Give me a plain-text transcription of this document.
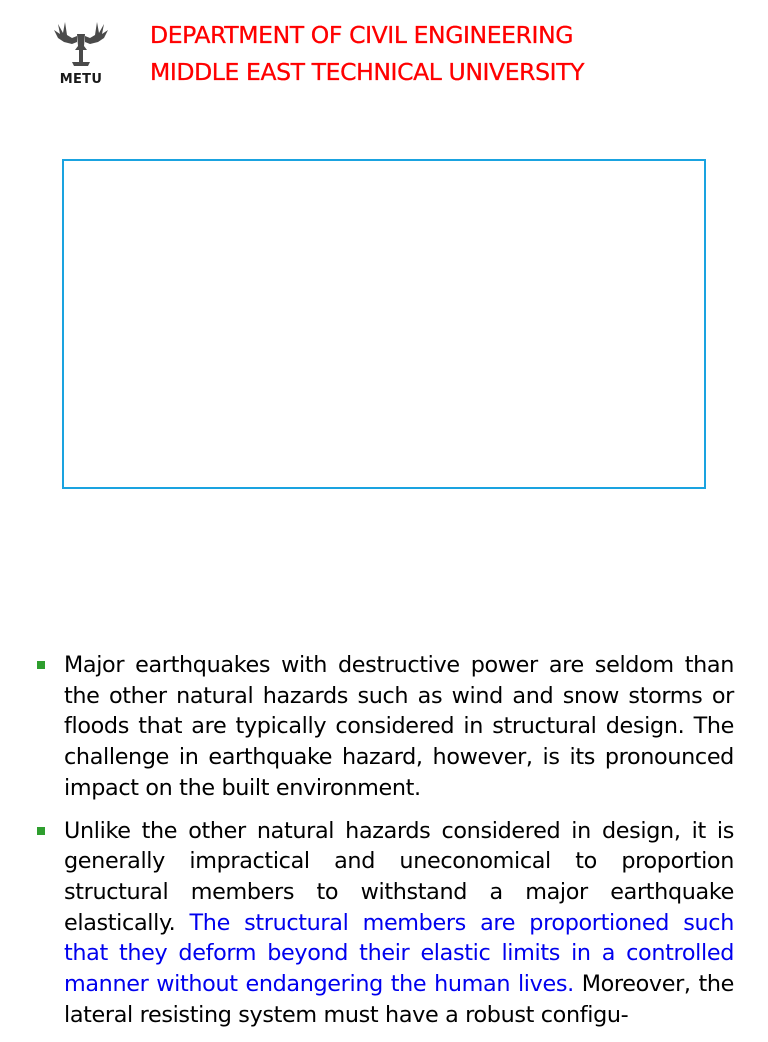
METU
DEPARTMENT OF CIVIL ENGINEERING
MIDDLE EAST TECHNICAL UNIVERSITY
Major earthquakes with destructive power are seldom than the other natural hazards such as wind and snow storms or floods that are typically considered in structural design. The challenge in earthquake hazard, however, is its pronounced impact on the built environment.
Unlike the other natural hazards considered in design, it is generally impractical and uneconomical to proportion structural members to withstand a major earthquake elastically. The structural members are proportioned such that they deform beyond their elastic limits in a controlled manner without endangering the human lives. Moreover, the lateral resisting system must have a robust configu-
